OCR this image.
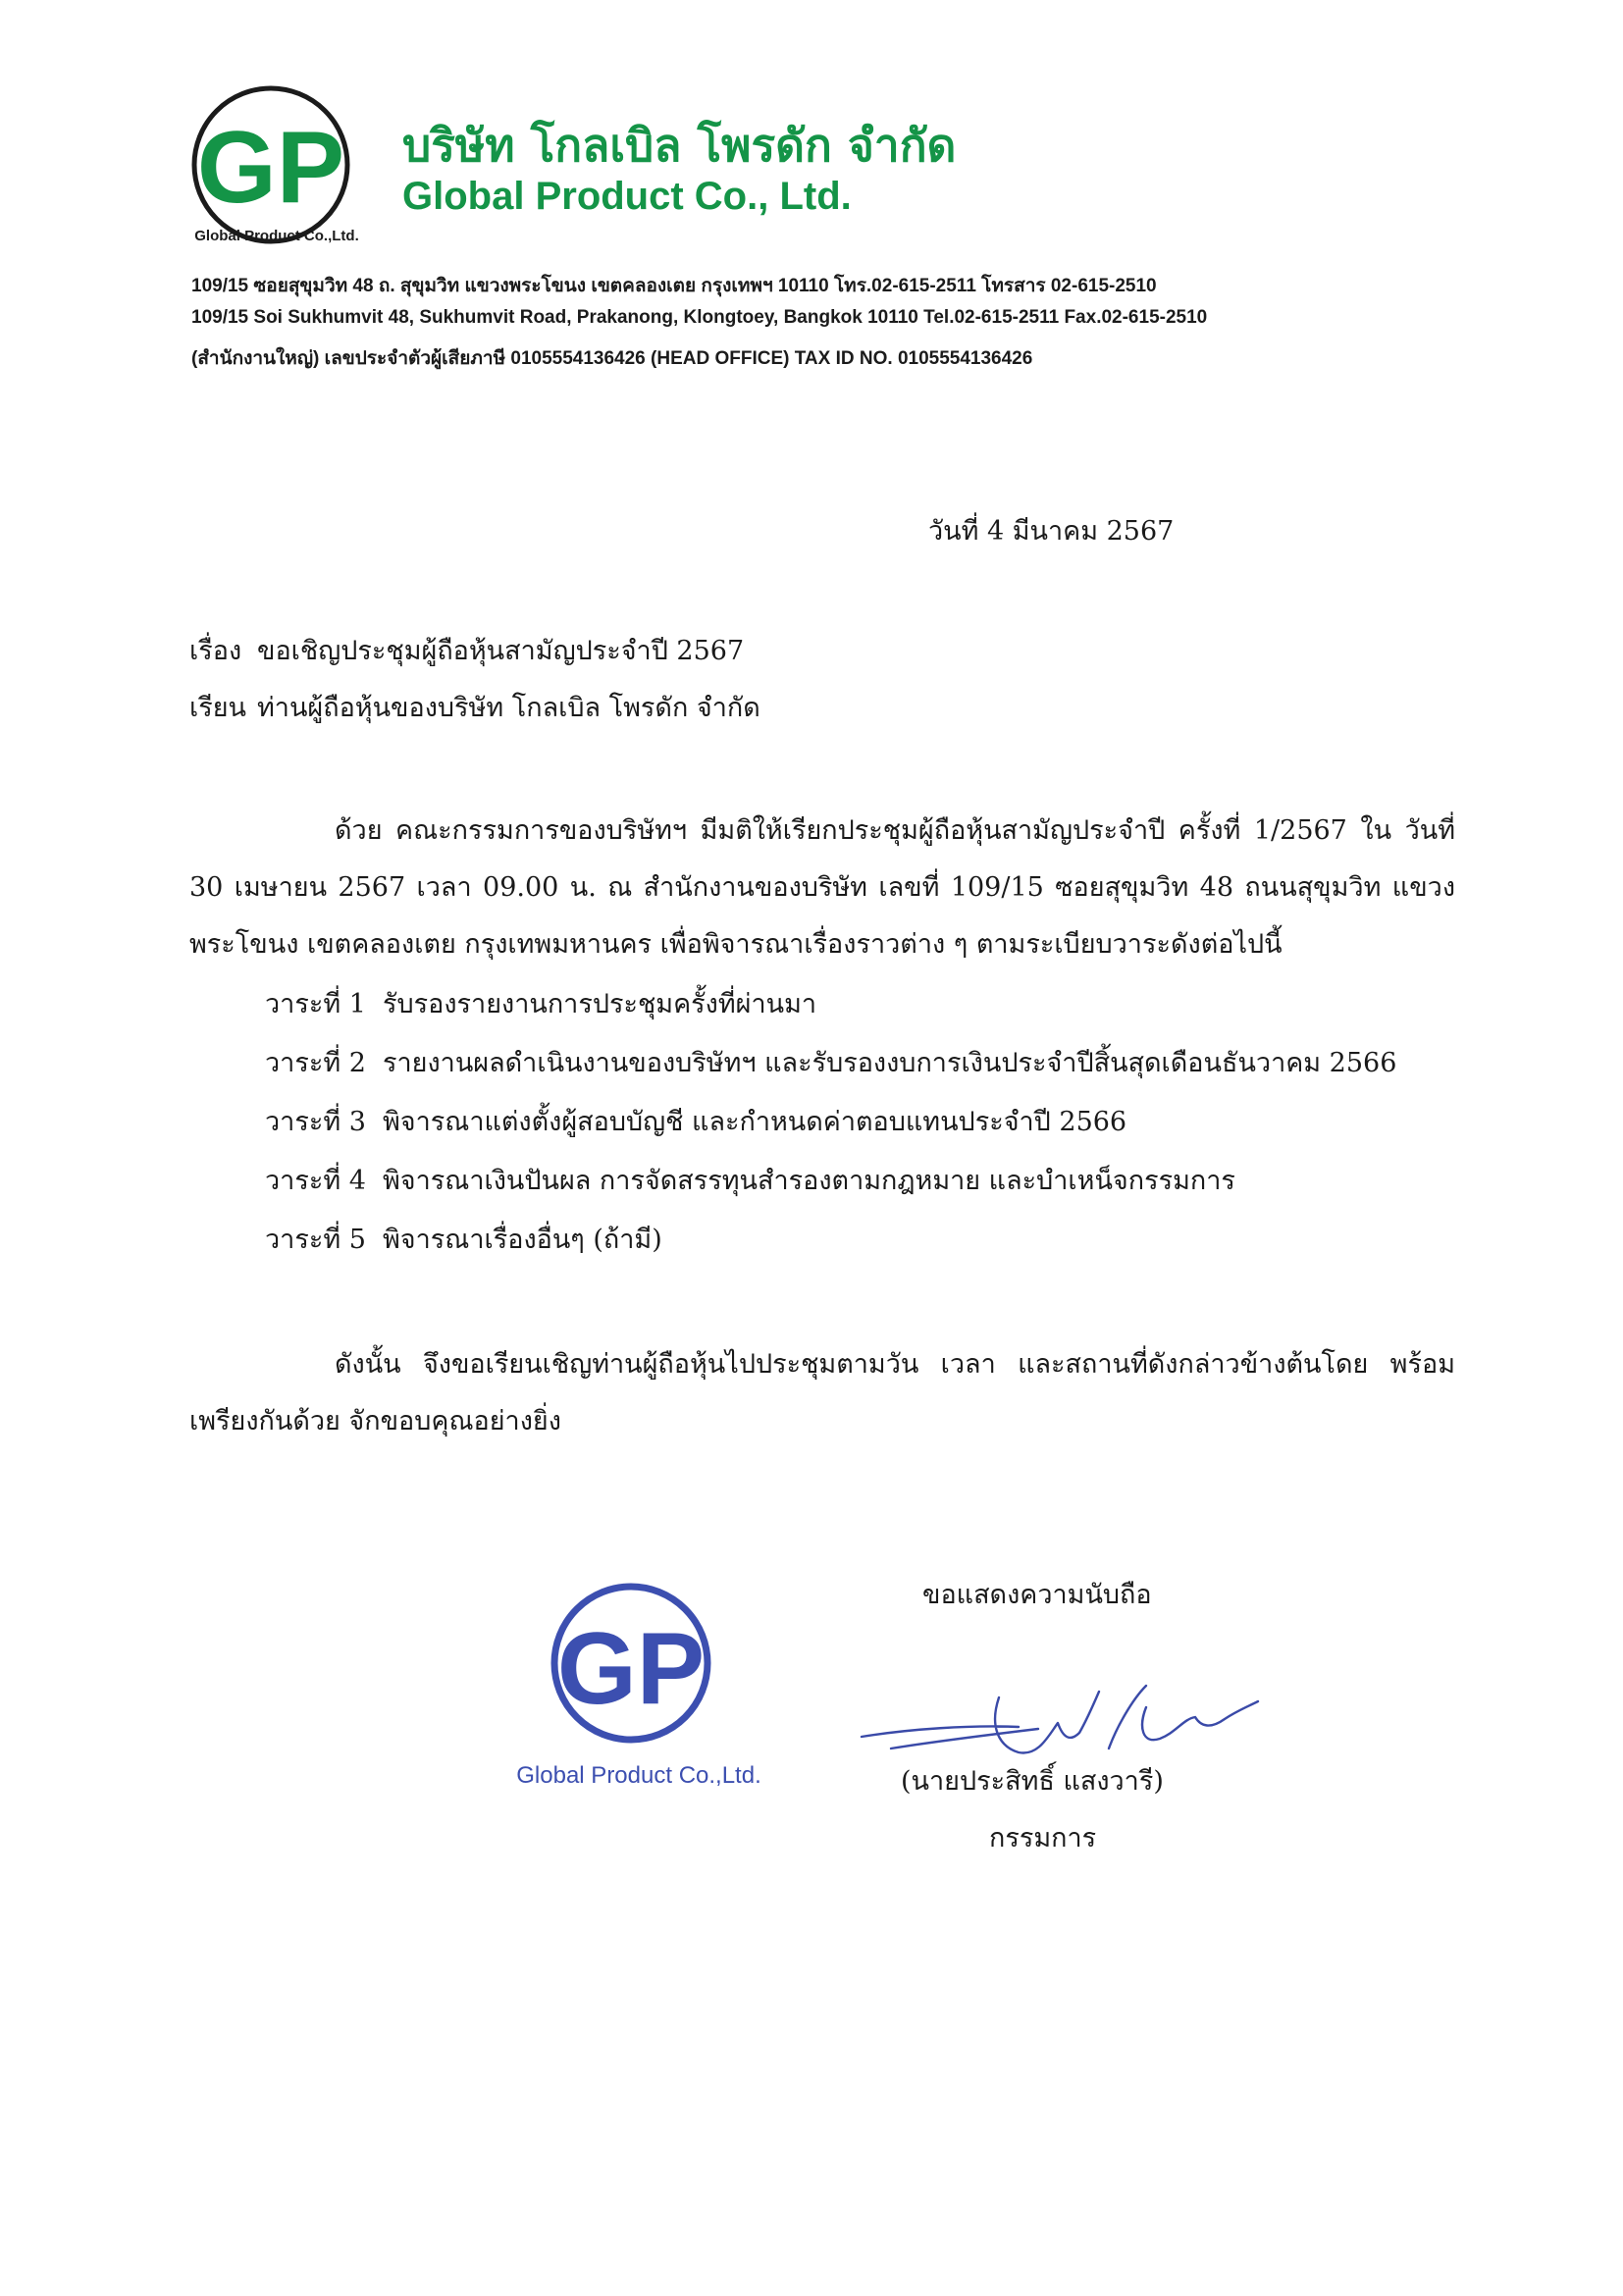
GP
Global Product Co.,Ltd.
บริษัท โกลเบิล โพรดัก จำกัด
Global Product Co., Ltd.
109/15 ซอยสุขุมวิท 48 ถ. สุขุมวิท แขวงพระโขนง เขตคลองเตย กรุงเทพฯ 10110 โทร.02-615-2511 โทรสาร 02-615-2510
109/15 Soi Sukhumvit 48, Sukhumvit Road, Prakanong, Klongtoey, Bangkok 10110 Tel.02-615-2511 Fax.02-615-2510
(สำนักงานใหญ่) เลขประจำตัวผู้เสียภาษี 0105554136426 (HEAD OFFICE) TAX ID NO. 0105554136426
วันที่ 4 มีนาคม 2567
เรื่อง ขอเชิญประชุมผู้ถือหุ้นสามัญประจำปี 2567
เรียน ท่านผู้ถือหุ้นของบริษัท โกลเบิล โพรดัก จำกัด
ด้วย คณะกรรมการของบริษัทฯ มีมติให้เรียกประชุมผู้ถือหุ้นสามัญประจำปี ครั้งที่ 1/2567 ใน วันที่ 30 เมษายน 2567 เวลา 09.00 น. ณ สำนักงานของบริษัท เลขที่ 109/15 ซอยสุขุมวิท 48 ถนนสุขุมวิท แขวงพระโขนง เขตคลองเตย กรุงเทพมหานคร เพื่อพิจารณาเรื่องราวต่าง ๆ ตามระเบียบวาระดังต่อไปนี้
วาระที่ 1 รับรองรายงานการประชุมครั้งที่ผ่านมา
วาระที่ 2 รายงานผลดำเนินงานของบริษัทฯ และรับรองงบการเงินประจำปีสิ้นสุดเดือนธันวาคม 2566
วาระที่ 3 พิจารณาแต่งตั้งผู้สอบบัญชี และกำหนดค่าตอบแทนประจำปี 2566
วาระที่ 4 พิจารณาเงินปันผล การจัดสรรทุนสำรองตามกฎหมาย และบำเหน็จกรรมการ
วาระที่ 5 พิจารณาเรื่องอื่นๆ (ถ้ามี)
ดังนั้น จึงขอเรียนเชิญท่านผู้ถือหุ้นไปประชุมตามวัน เวลา และสถานที่ดังกล่าวข้างต้นโดย พร้อมเพรียงกันด้วย จักขอบคุณอย่างยิ่ง
ขอแสดงความนับถือ
GP
Global Product Co.,Ltd.	(นายประสิทธิ์ แสงวารี)
กรรมการ
